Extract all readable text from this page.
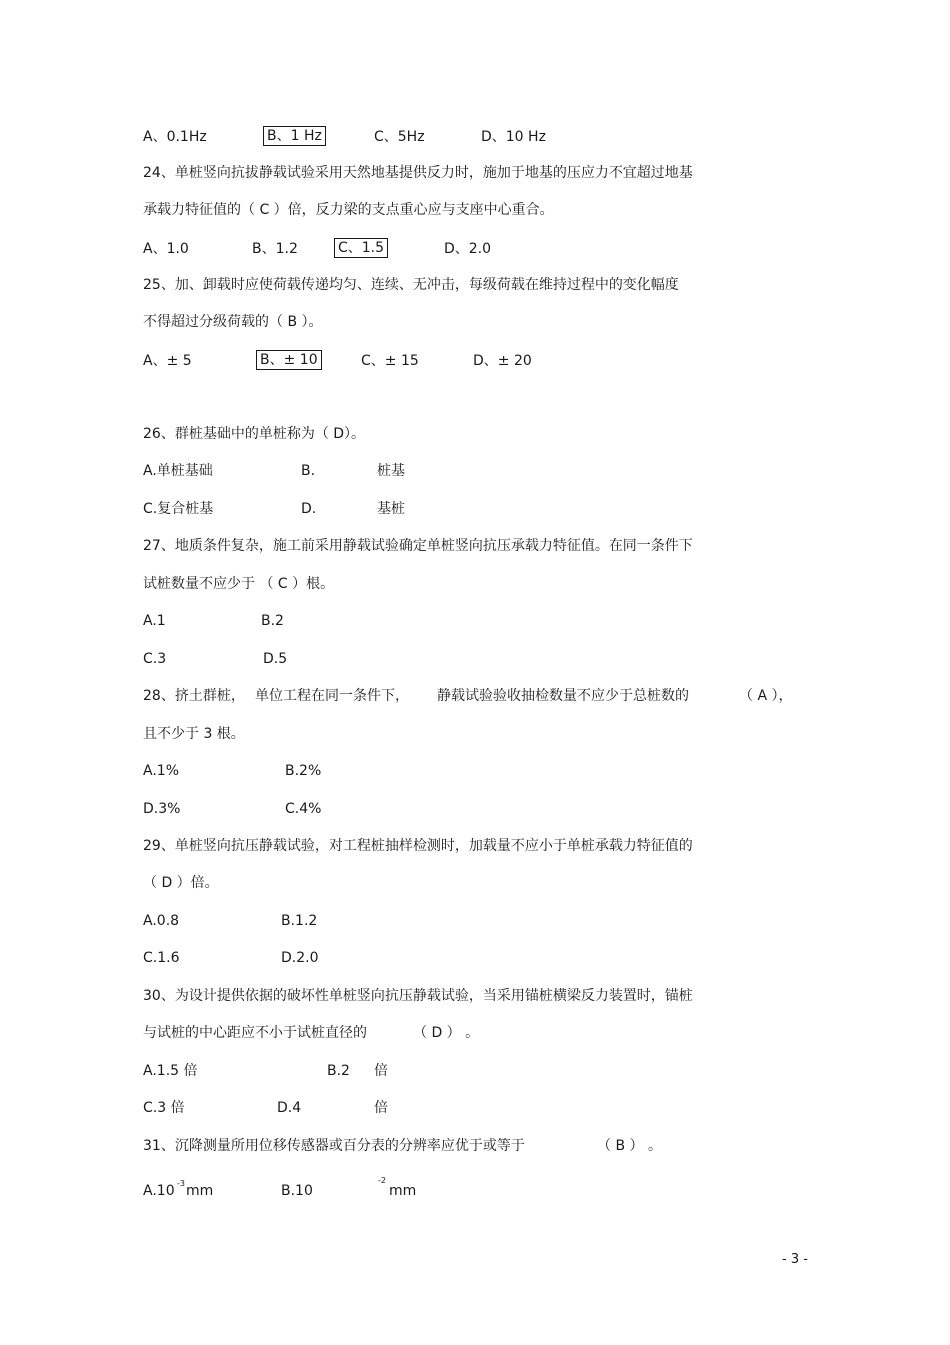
A、0.1Hz	B、1 Hz	C、5Hz	D、10 Hz
24、单桩竖向抗拔静载试验采用天然地基提供反力时，施加于地基的压应力不宜超过地基
承载力特征值的（ C ）倍，反力梁的支点重心应与支座中心重合。
A、1.0	B、1.2	C、1.5	D、2.0
25、加、卸载时应使荷载传递均匀、连续、无冲击，每级荷载在维持过程中的变化幅度
不得超过分级荷载的（ B ）。
A、± 5	B、± 10	C、± 15	D、± 20
26、群桩基础中的单桩称为（ D）。
A.单桩基础	B.	桩基
C.复合桩基	D.	基桩
27、地质条件复杂，施工前采用静载试验确定单桩竖向抗压承载力特征值。在同一条件下
试桩数量不应少于 （ C ）根。
A.1	B.2
C.3	D.5
28、挤土群桩， 单位工程在同一条件下， 静载试验验收抽检数量不应少于总桩数的	（ A ），
且不少于 3 根。
A.1%	B.2%
D.3%	C.4%
29、单桩竖向抗压静载试验，对工程桩抽样检测时，加载量不应小于单桩承载力特征值的
（ D ）倍。
A.0.8	B.1.2
C.1.6	D.2.0
30、为设计提供依据的破坏性单桩竖向抗压静载试验，当采用锚桩横梁反力装置时，锚桩
与试桩的中心距应不小于试桩直径的	（ D ） 。
A.1.5 倍	B.2 倍
C.3 倍	D.4	倍
31、沉降测量所用位移传感器或百分表的分辨率应优于或等于	（ B ） 。
A.10 -3 mm	B.10
-2
mm
- 3 -
